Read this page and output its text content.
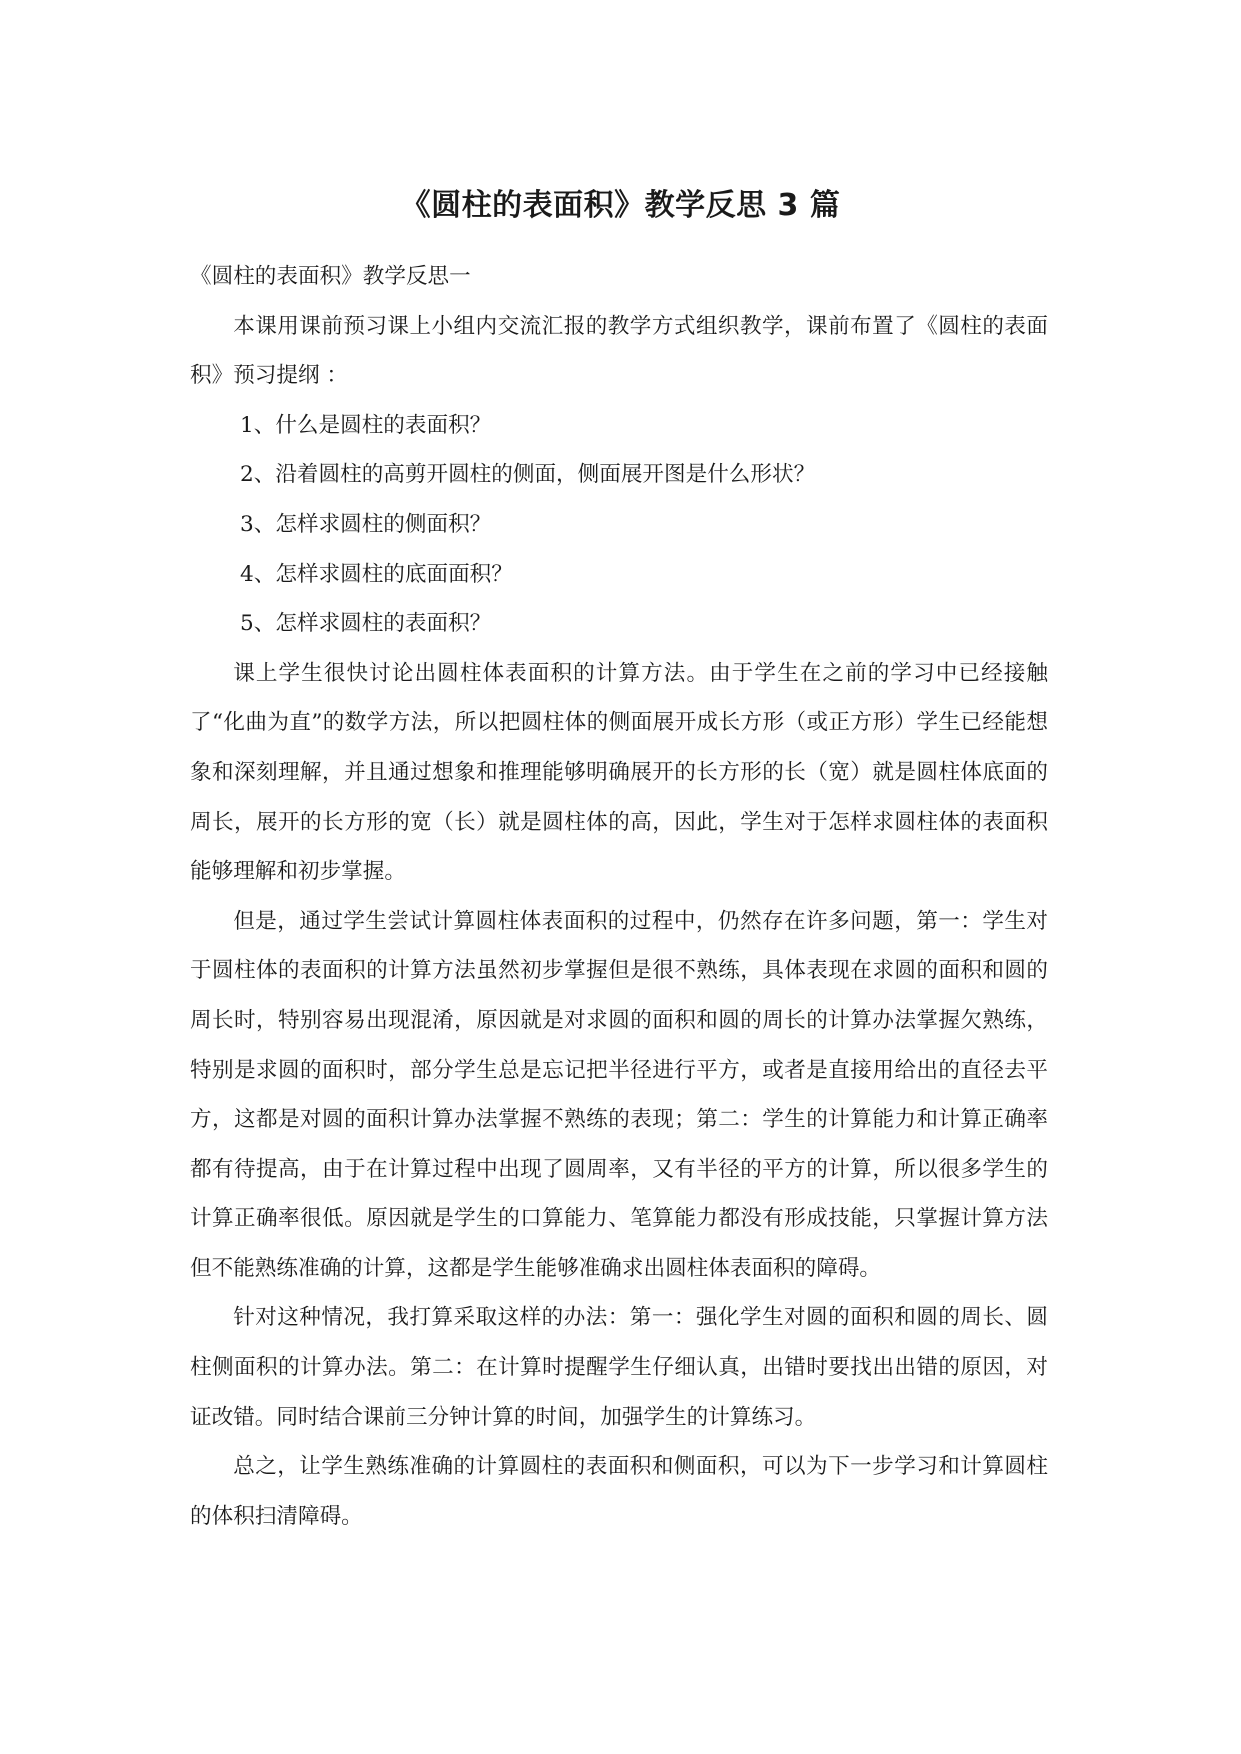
《圆柱的表面积》教学反思 3 篇

《圆柱的表面积》教学反思一

本课用课前预习课上小组内交流汇报的教学方式组织教学，课前布置了《圆柱的表面积》预习提纲 ：

1、什么是圆柱的表面积？

2、沿着圆柱的高剪开圆柱的侧面，侧面展开图是什么形状？

3、怎样求圆柱的侧面积？

4、怎样求圆柱的底面面积？

5、怎样求圆柱的表面积？

课上学生很快讨论出圆柱体表面积的计算方法。由于学生在之前的学习中已经接触了“化曲为直”的数学方法，所以把圆柱体的侧面展开成长方形（或正方形）学生已经能想象和深刻理解，并且通过想象和推理能够明确展开的长方形的长（宽）就是圆柱体底面的周长，展开的长方形的宽（长）就是圆柱体的高，因此，学生对于怎样求圆柱体的表面积能够理解和初步掌握。

但是，通过学生尝试计算圆柱体表面积的过程中，仍然存在许多问题，第一：学生对于圆柱体的表面积的计算方法虽然初步掌握但是很不熟练，具体表现在求圆的面积和圆的周长时，特别容易出现混淆，原因就是对求圆的面积和圆的周长的计算办法掌握欠熟练，特别是求圆的面积时，部分学生总是忘记把半径进行平方，或者是直接用给出的直径去平方，这都是对圆的面积计算办法掌握不熟练的表现；第二：学生的计算能力和计算正确率都有待提高，由于在计算过程中出现了圆周率，又有半径的平方的计算，所以很多学生的计算正确率很低。原因就是学生的口算能力、笔算能力都没有形成技能，只掌握计算方法但不能熟练准确的计算，这都是学生能够准确求出圆柱体表面积的障碍。

针对这种情况，我打算采取这样的办法：第一：强化学生对圆的面积和圆的周长、圆柱侧面积的计算办法。第二：在计算时提醒学生仔细认真，出错时要找出出错的原因，对证改错。同时结合课前三分钟计算的时间，加强学生的计算练习。

总之，让学生熟练准确的计算圆柱的表面积和侧面积，可以为下一步学习和计算圆柱的体积扫清障碍。
